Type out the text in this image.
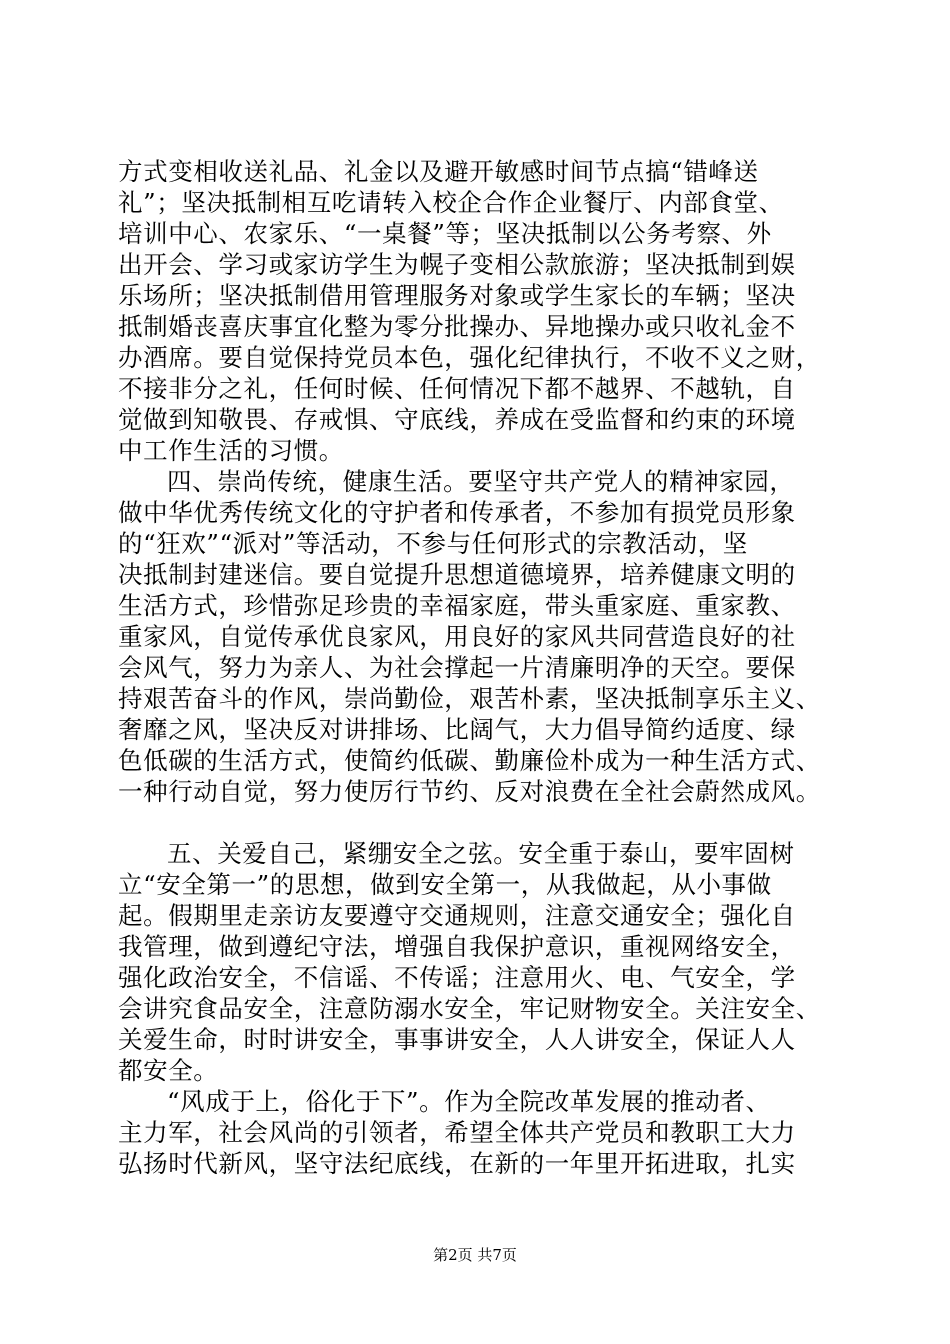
方式变相收送礼品、礼金以及避开敏感时间节点搞“错峰送
礼”；坚决抵制相互吃请转入校企合作企业餐厅、内部食堂、
培训中心、农家乐、“一桌餐”等；坚决抵制以公务考察、外
出开会、学习或家访学生为幌子变相公款旅游；坚决抵制到娱
乐场所；坚决抵制借用管理服务对象或学生家长的车辆；坚决
抵制婚丧喜庆事宜化整为零分批操办、异地操办或只收礼金不
办酒席。要自觉保持党员本色，强化纪律执行，不收不义之财，
不接非分之礼，任何时候、任何情况下都不越界、不越轨，自
觉做到知敬畏、存戒惧、守底线，养成在受监督和约束的环境
中工作生活的习惯。
四、崇尚传统，健康生活。要坚守共产党人的精神家园，
做中华优秀传统文化的守护者和传承者，不参加有损党员形象
的“狂欢”“派对”等活动，不参与任何形式的宗教活动，坚
决抵制封建迷信。要自觉提升思想道德境界，培养健康文明的
生活方式，珍惜弥足珍贵的幸福家庭，带头重家庭、重家教、
重家风，自觉传承优良家风，用良好的家风共同营造良好的社
会风气，努力为亲人、为社会撑起一片清廉明净的天空。要保
持艰苦奋斗的作风，崇尚勤俭，艰苦朴素，坚决抵制享乐主义、
奢靡之风，坚决反对讲排场、比阔气，大力倡导简约适度、绿
色低碳的生活方式，使简约低碳、勤廉俭朴成为一种生活方式、
一种行动自觉，努力使厉行节约、反对浪费在全社会蔚然成风。
五、关爱自己，紧绷安全之弦。安全重于泰山，要牢固树
立“安全第一”的思想，做到安全第一，从我做起，从小事做
起。假期里走亲访友要遵守交通规则，注意交通安全；强化自
我管理，做到遵纪守法，增强自我保护意识，重视网络安全，
强化政治安全，不信谣、不传谣；注意用火、电、气安全，学
会讲究食品安全，注意防溺水安全，牢记财物安全。关注安全、
关爱生命，时时讲安全，事事讲安全，人人讲安全，保证人人
都安全。
“风成于上，俗化于下”。作为全院改革发展的推动者、
主力军，社会风尚的引领者，希望全体共产党员和教职工大力
弘扬时代新风，坚守法纪底线，在新的一年里开拓进取，扎实
第2页 共7页
